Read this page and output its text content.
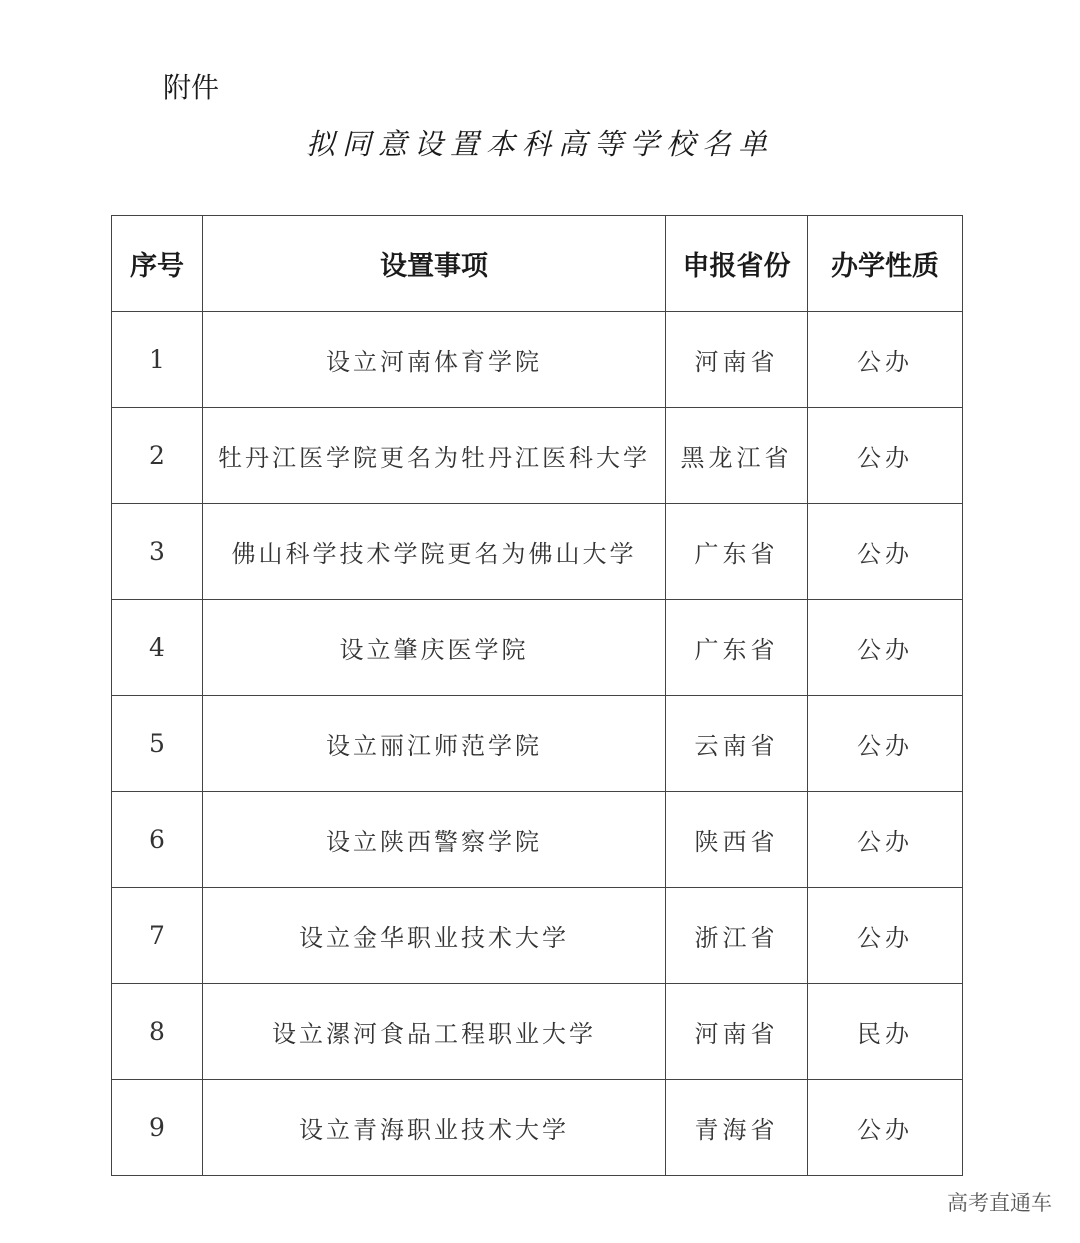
附件
拟同意设置本科高等学校名单
序号	设置事项	申报省份	办学性质
1	设立河南体育学院	河南省	公办
2	牡丹江医学院更名为牡丹江医科大学	黑龙江省	公办
3	佛山科学技术学院更名为佛山大学	广东省	公办
4	设立肇庆医学院	广东省	公办
5	设立丽江师范学院	云南省	公办
6	设立陕西警察学院	陕西省	公办
7	设立金华职业技术大学	浙江省	公办
8	设立漯河食品工程职业大学	河南省	民办
9	设立青海职业技术大学	青海省	公办
高考直通车
